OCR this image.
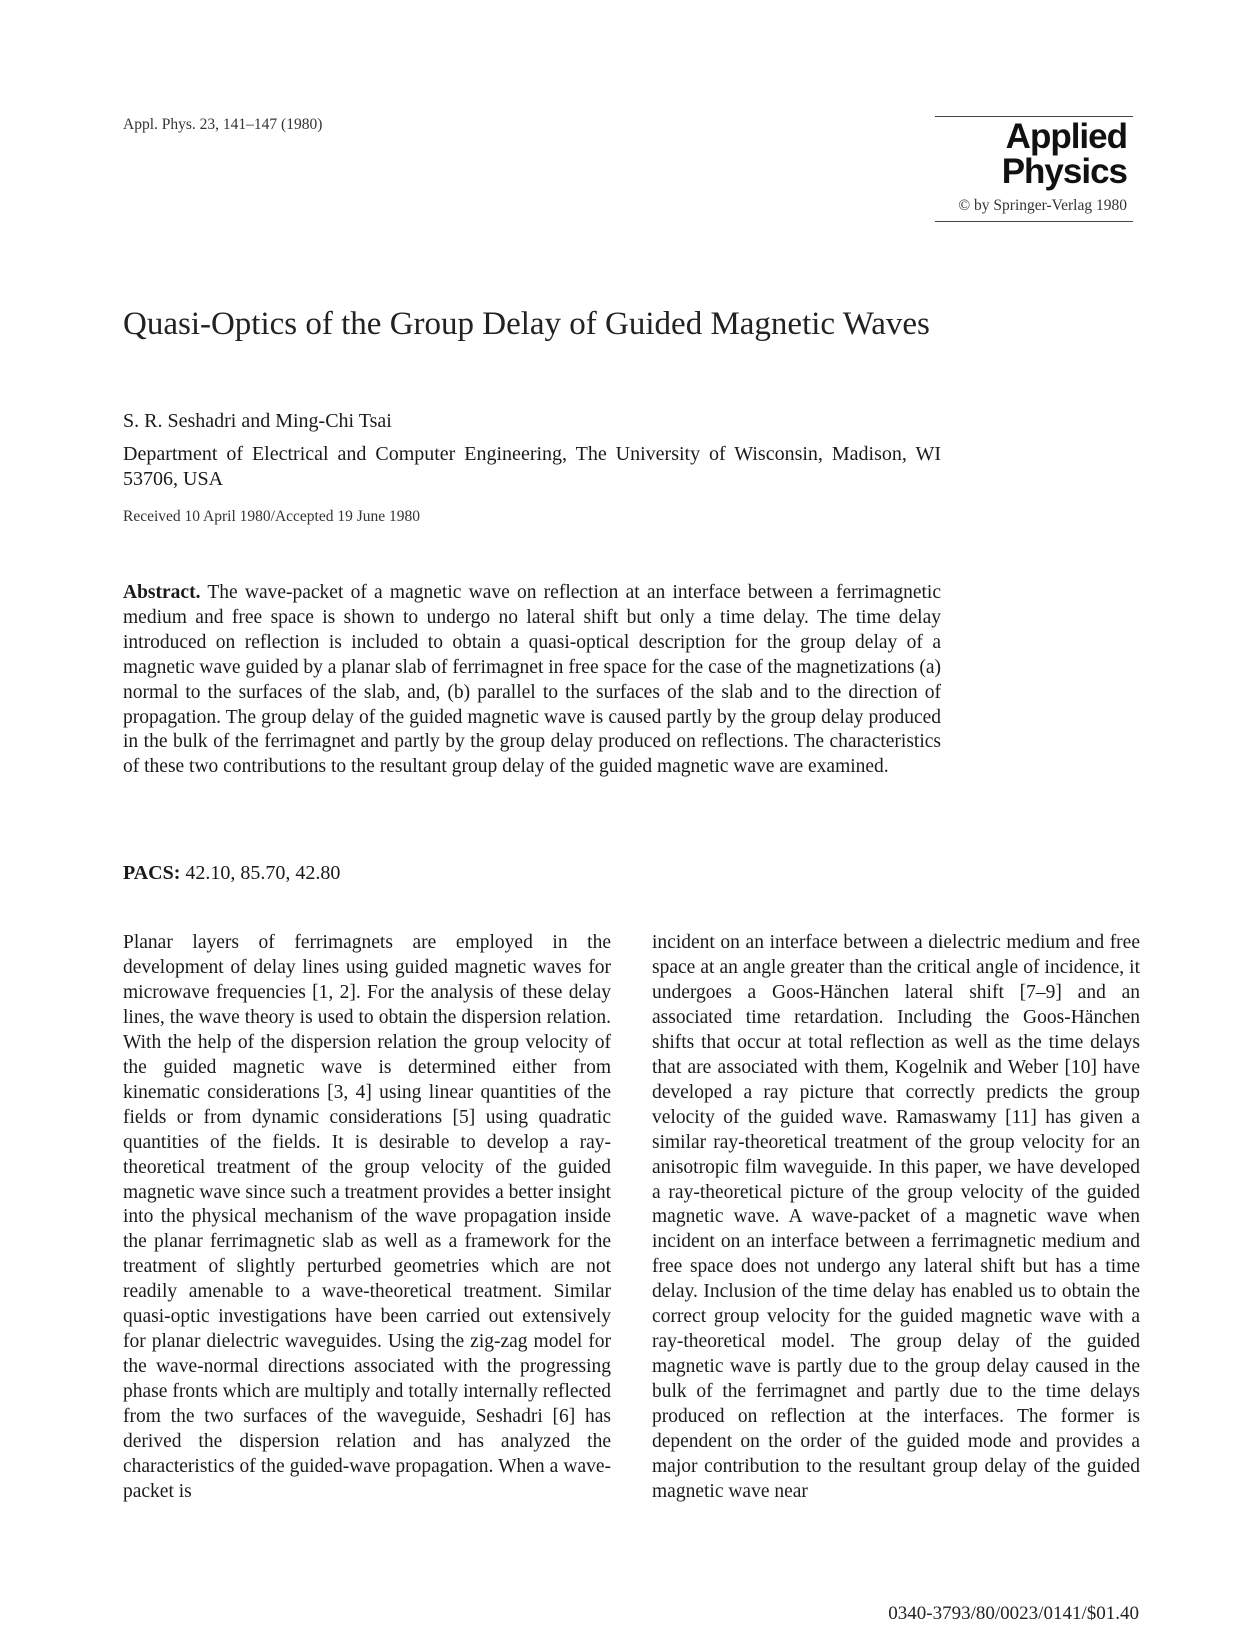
Appl. Phys. 23, 141–147 (1980)	Applied
Physics
© by Springer-Verlag 1980
Quasi-Optics of the Group Delay of Guided Magnetic Waves
S. R. Seshadri and Ming-Chi Tsai
Department of Electrical and Computer Engineering, The University of Wisconsin, Madison, WI 53706, USA
Received 10 April 1980/Accepted 19 June 1980
Abstract. The wave-packet of a magnetic wave on reflection at an interface between a ferrimagnetic medium and free space is shown to undergo no lateral shift but only a time delay. The time delay introduced on reflection is included to obtain a quasi-optical description for the group delay of a magnetic wave guided by a planar slab of ferrimagnet in free space for the case of the magnetizations (a) normal to the surfaces of the slab, and, (b) parallel to the surfaces of the slab and to the direction of propagation. The group delay of the guided magnetic wave is caused partly by the group delay produced in the bulk of the ferrimagnet and partly by the group delay produced on reflections. The characteristics of these two contributions to the resultant group delay of the guided magnetic wave are examined.
PACS: 42.10, 85.70, 42.80

Planar layers of ferrimagnets are employed in the development of delay lines using guided magnetic waves for microwave frequencies [1, 2]. For the analysis of these delay lines, the wave theory is used to obtain the dispersion relation. With the help of the dispersion relation the group velocity of the guided magnetic wave is determined either from kinematic considerations [3, 4] using linear quantities of the fields or from dynamic considerations [5] using quadratic quantities of the fields. It is desirable to develop a ray-theoretical treatment of the group velocity of the guided magnetic wave since such a treatment provides a better insight into the physical mechanism of the wave propagation inside the planar ferrimagnetic slab as well as a framework for the treatment of slightly perturbed geometries which are not readily amenable to a wave-theoretical treatment. Similar quasi-optic investigations have been carried out extensively for planar dielectric waveguides. Using the zig-zag model for the wave-normal directions associated with the progressing phase fronts which are multiply and totally internally reflected from the two surfaces of the waveguide, Seshadri [6] has derived the dispersion relation and has analyzed the characteristics of the guided-wave propagation. When a wave-packet is

incident on an interface between a dielectric medium and free space at an angle greater than the critical angle of incidence, it undergoes a Goos-Hänchen lateral shift [7–9] and an associated time retardation. Including the Goos-Hänchen shifts that occur at total reflection as well as the time delays that are associated with them, Kogelnik and Weber [10] have developed a ray picture that correctly predicts the group velocity of the guided wave. Ramaswamy [11] has given a similar ray-theoretical treatment of the group velocity for an anisotropic film waveguide. In this paper, we have developed a ray-theoretical picture of the group velocity of the guided magnetic wave. A wave-packet of a magnetic wave when incident on an interface between a ferrimagnetic medium and free space does not undergo any lateral shift but has a time delay. Inclusion of the time delay has enabled us to obtain the correct group velocity for the guided magnetic wave with a ray-theoretical model. The group delay of the guided magnetic wave is partly due to the group delay caused in the bulk of the ferrimagnet and partly due to the time delays produced on reflection at the interfaces. The former is dependent on the order of the guided mode and provides a major contribution to the resultant group delay of the guided magnetic wave near

0340-3793/80/0023/0141/$01.40
